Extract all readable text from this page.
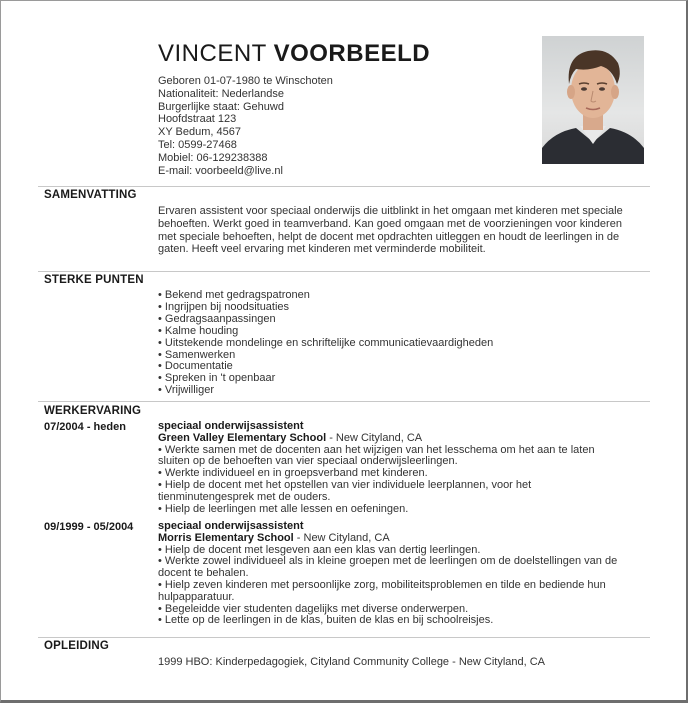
VINCENT VOORBEELD
Geboren 01-07-1980 te Winschoten
Nationaliteit: Nederlandse
Burgerlijke staat: Gehuwd
Hoofdstraat 123
XY Bedum, 4567
Tel: 0599-27468
Mobiel: 06-129238388
E-mail: voorbeeld@live.nl
SAMENVATTING
Ervaren assistent voor speciaal onderwijs die uitblinkt in het omgaan met kinderen met speciale behoeften. Werkt goed in teamverband. Kan goed omgaan met de voorzieningen voor kinderen met speciale behoeften, helpt de docent met opdrachten uitleggen en houdt de leerlingen in de gaten. Heeft veel ervaring met kinderen met verminderde mobiliteit.
STERKE PUNTEN
• Bekend met gedragspatronen
• Ingrijpen bij noodsituaties
• Gedragsaanpassingen
• Kalme houding
• Uitstekende mondelinge en schriftelijke communicatievaardigheden
• Samenwerken
• Documentatie
• Spreken in 't openbaar
• Vrijwilliger
WERKERVARING
07/2004 - heden	speciaal onderwijsassistent
Green Valley Elementary School - New Cityland, CA
• Werkte samen met de docenten aan het wijzigen van het lesschema om het aan te laten sluiten op de behoeften van vier speciaal onderwijsleerlingen.
• Werkte individueel en in groepsverband met kinderen.
• Hielp de docent met het opstellen van vier individuele leerplannen, voor het tienminutengesprek met de ouders.
• Hielp de leerlingen met alle lessen en oefeningen.
09/1999 - 05/2004 speciaal onderwijsassistent
Morris Elementary School - New Cityland, CA
• Hielp de docent met lesgeven aan een klas van dertig leerlingen.
• Werkte zowel individueel als in kleine groepen met de leerlingen om de doelstellingen van de docent te behalen.
• Hielp zeven kinderen met persoonlijke zorg, mobiliteitsproblemen en tilde en bediende hun hulpapparatuur.
• Begeleidde vier studenten dagelijks met diverse onderwerpen.
• Lette op de leerlingen in de klas, buiten de klas en bij schoolreisjes.
OPLEIDING
1999 HBO: Kinderpedagogiek, Cityland Community College - New Cityland, CA
